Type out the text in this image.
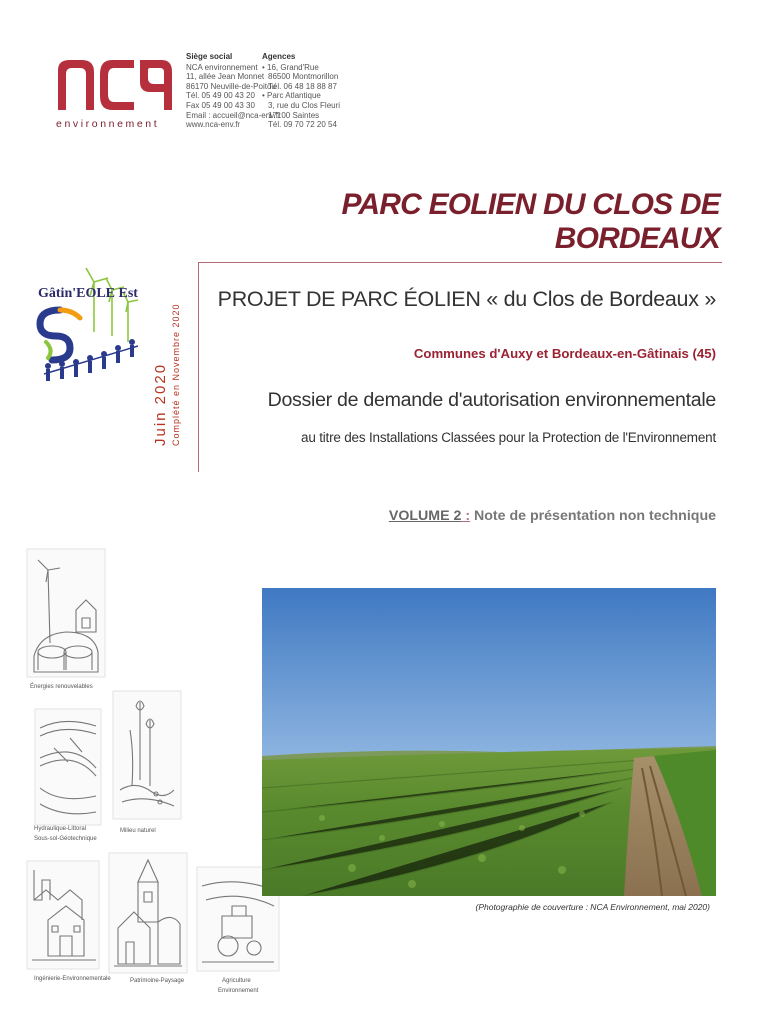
environnement
Siège social
NCA environnement
11, allée Jean Monnet
86170 Neuville-de-Poitou
Tél. 05 49 00 43 20
Fax 05 49 00 43 30
Email : accueil@nca-env.fr
www.nca-env.fr
Agences
• 16, Grand'Rue
86500 Montmorillon
Tél. 06 48 18 88 87
• Parc Atlantique
3, rue du Clos Fleuri
17100 Saintes
Tél. 09 70 72 20 54
PARC EOLIEN DU CLOS DE BORDEAUX
Gâtin'EOLE Est
Juin 2020 Complété en Novembre 2020
PROJET DE PARC ÉOLIEN « du Clos de Bordeaux »
Communes d'Auxy et Bordeaux-en-Gâtinais (45)
Dossier de demande d'autorisation environnementale
au titre des Installations Classées pour la Protection de l'Environnement
VOLUME 2 : Note de présentation non technique
Énergies renouvelables
Hydraulique-Littoral
Sous-sol-Géotechnique
Milieu naturel
Ingénierie-Environnementale	Patrimoine-Paysage	Agriculture
Environnement
(Photographie de couverture : NCA Environnement, mai 2020)
